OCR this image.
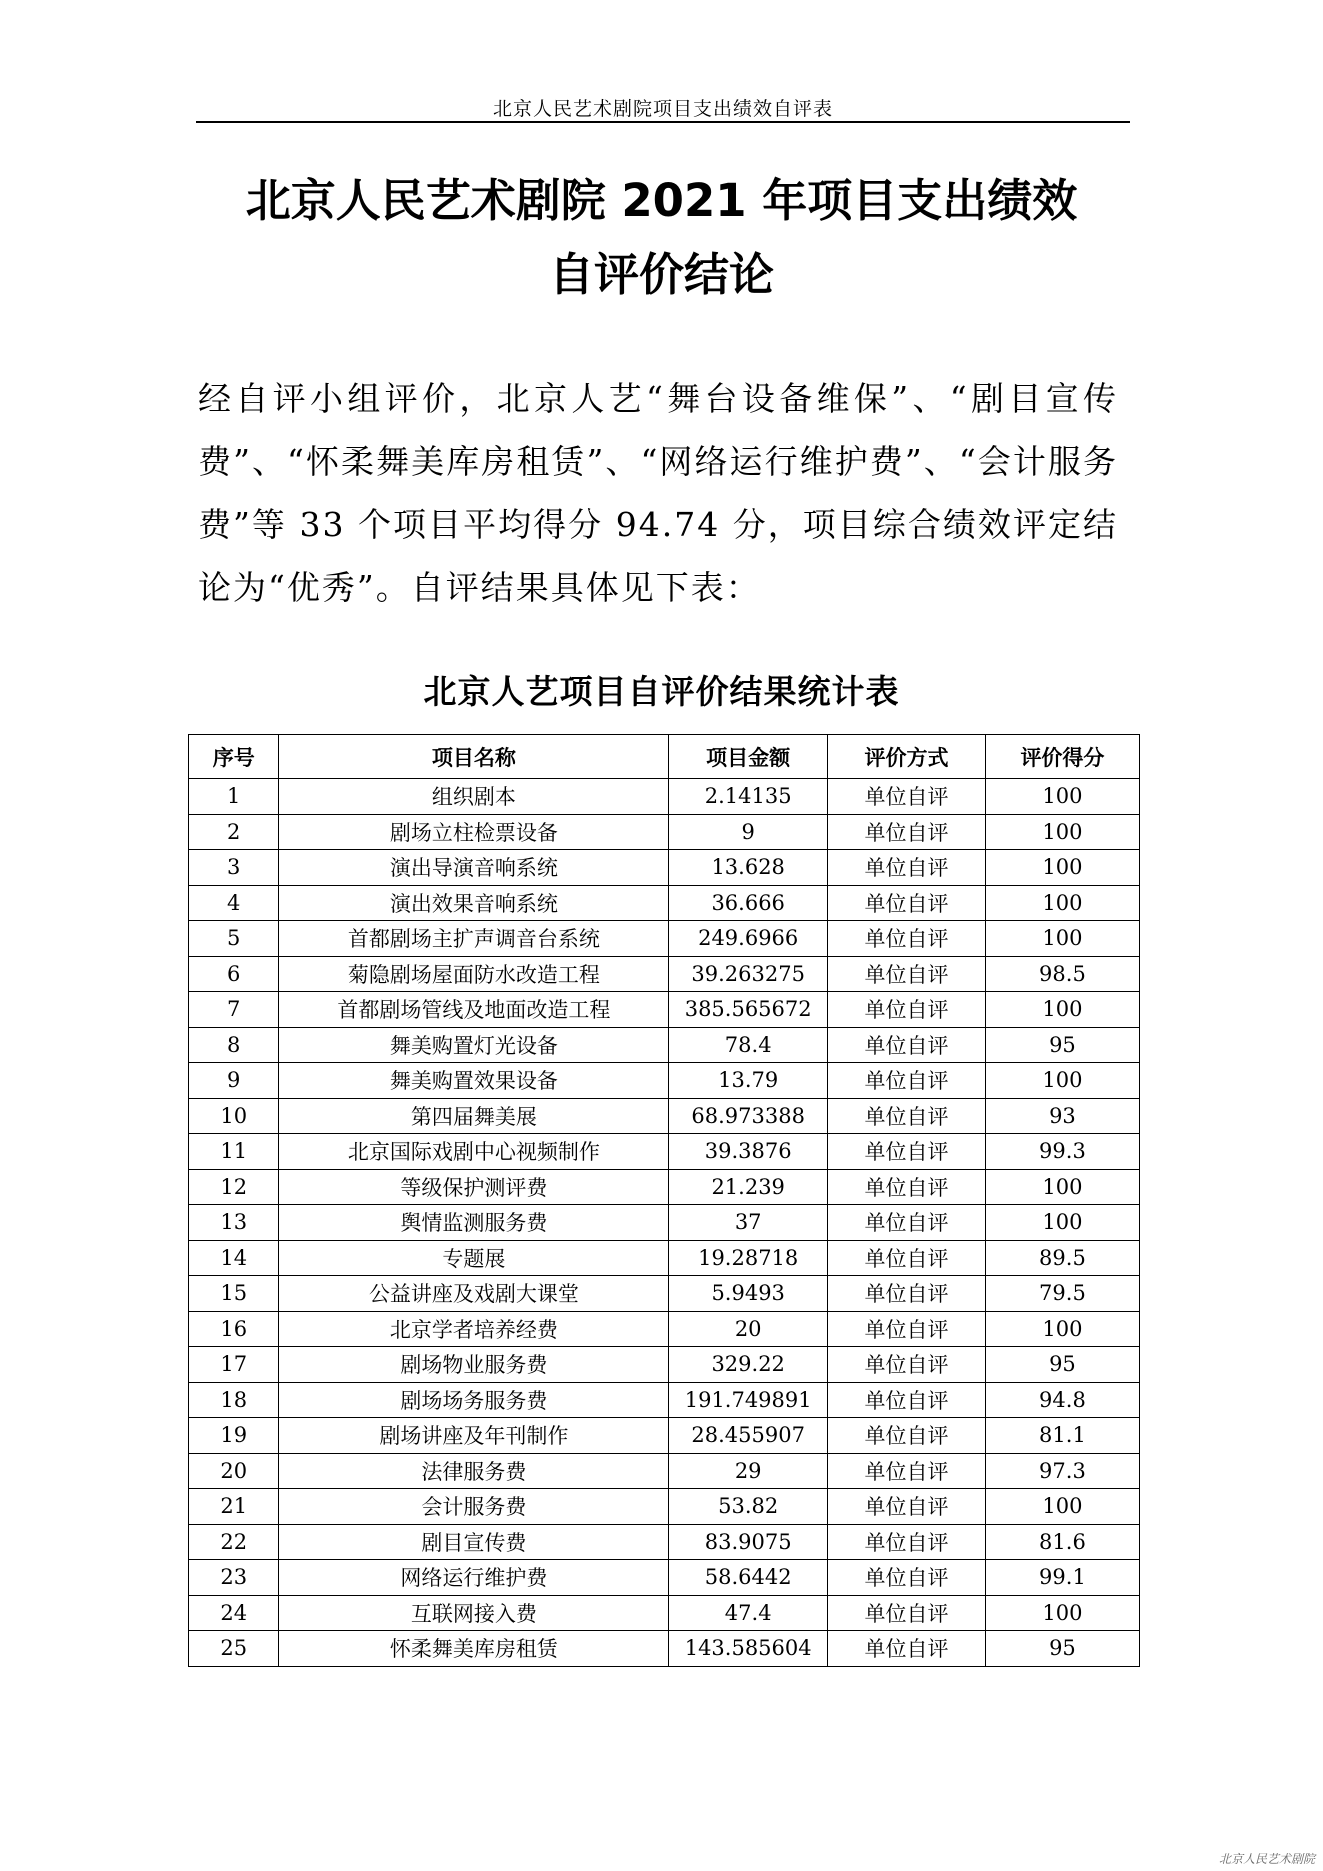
北京人民艺术剧院项目支出绩效自评表
北京人民艺术剧院 2021 年项目支出绩效
自评价结论

经自评小组评价，北京人艺“舞台设备维保”、“剧目宣传费”、“怀柔舞美库房租赁”、“网络运行维护费”、“会计服务费”等 33 个项目平均得分 94.74 分，项目综合绩效评定结论为“优秀”。自评结果具体见下表：

北京人艺项目自评价结果统计表
序号	项目名称	项目金额	评价方式	评价得分
1	组织剧本	2.14135	单位自评	100
2	剧场立柱检票设备	9	单位自评	100
3	演出导演音响系统	13.628	单位自评	100
4	演出效果音响系统	36.666	单位自评	100
5	首都剧场主扩声调音台系统	249.6966	单位自评	100
6	菊隐剧场屋面防水改造工程	39.263275	单位自评	98.5
7	首都剧场管线及地面改造工程	385.565672	单位自评	100
8	舞美购置灯光设备	78.4	单位自评	95
9	舞美购置效果设备	13.79	单位自评	100
10	第四届舞美展	68.973388	单位自评	93
11	北京国际戏剧中心视频制作	39.3876	单位自评	99.3
12	等级保护测评费	21.239	单位自评	100
13	舆情监测服务费	37	单位自评	100
14	专题展	19.28718	单位自评	89.5
15	公益讲座及戏剧大课堂	5.9493	单位自评	79.5
16	北京学者培养经费	20	单位自评	100
17	剧场物业服务费	329.22	单位自评	95
18	剧场场务服务费	191.749891	单位自评	94.8
19	剧场讲座及年刊制作	28.455907	单位自评	81.1
20	法律服务费	29	单位自评	97.3
21	会计服务费	53.82	单位自评	100
22	剧目宣传费	83.9075	单位自评	81.6
23	网络运行维护费	58.6442	单位自评	99.1
24	互联网接入费	47.4	单位自评	100
25	怀柔舞美库房租赁	143.585604	单位自评	95
北京人民艺术剧院
